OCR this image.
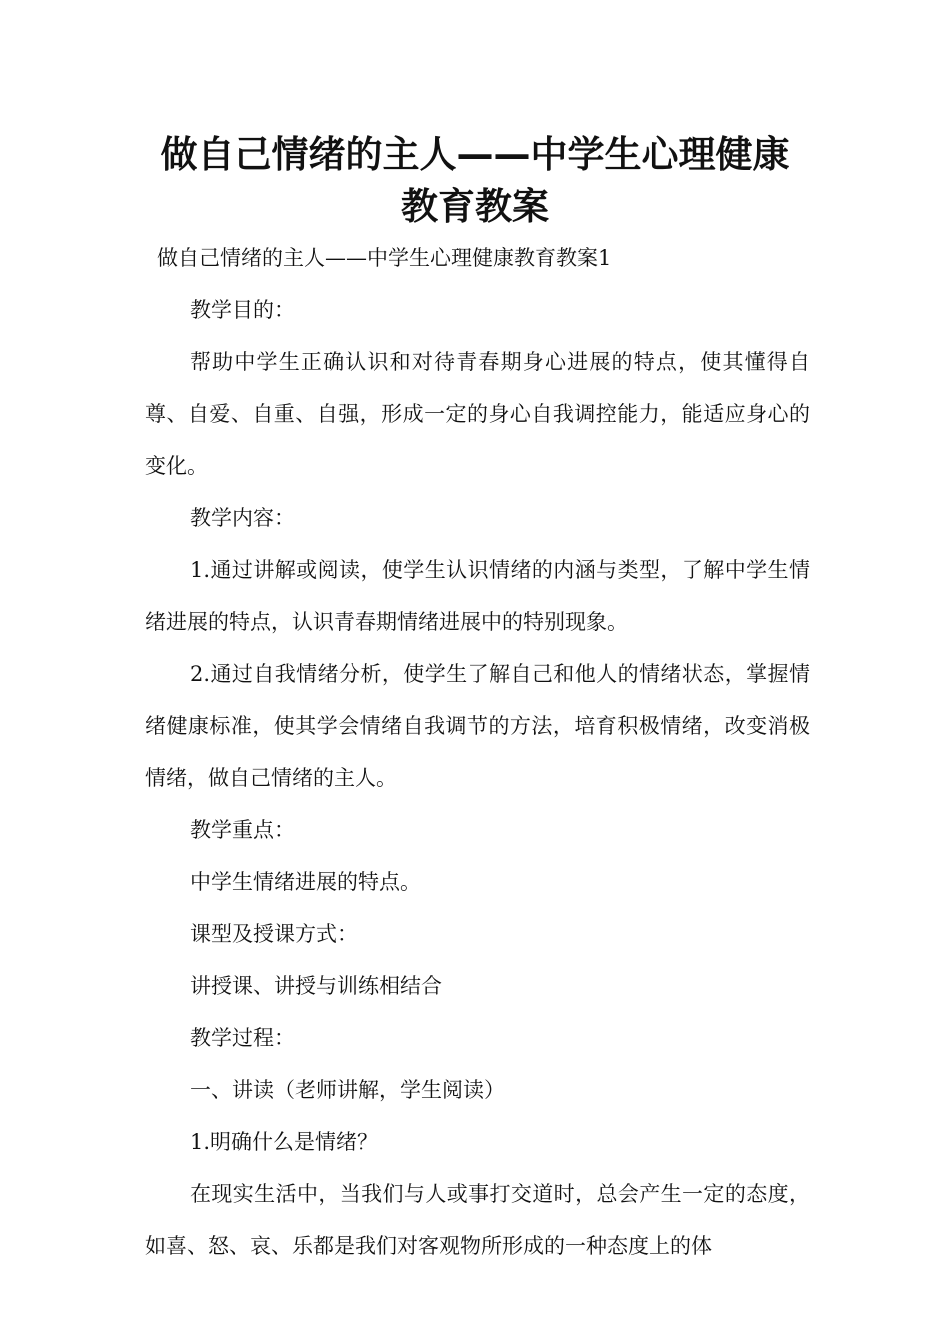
做自己情绪的主人——中学生心理健康
教育教案

做自己情绪的主人——中学生心理健康教育教案1

教学目的：

帮助中学生正确认识和对待青春期身心进展的特点，使其懂得自尊、自爱、自重、自强，形成一定的身心自我调控能力，能适应身心的变化。

教学内容：

1.通过讲解或阅读，使学生认识情绪的内涵与类型，了解中学生情绪进展的特点，认识青春期情绪进展中的特别现象。

2.通过自我情绪分析，使学生了解自己和他人的情绪状态，掌握情绪健康标准，使其学会情绪自我调节的方法，培育积极情绪，改变消极情绪，做自己情绪的主人。

教学重点：

中学生情绪进展的特点。

课型及授课方式：

讲授课、讲授与训练相结合

教学过程：

一、讲读（老师讲解，学生阅读）

1.明确什么是情绪？

在现实生活中，当我们与人或事打交道时，总会产生一定的态度，如喜、怒、哀、乐都是我们对客观物所形成的一种态度上的体
